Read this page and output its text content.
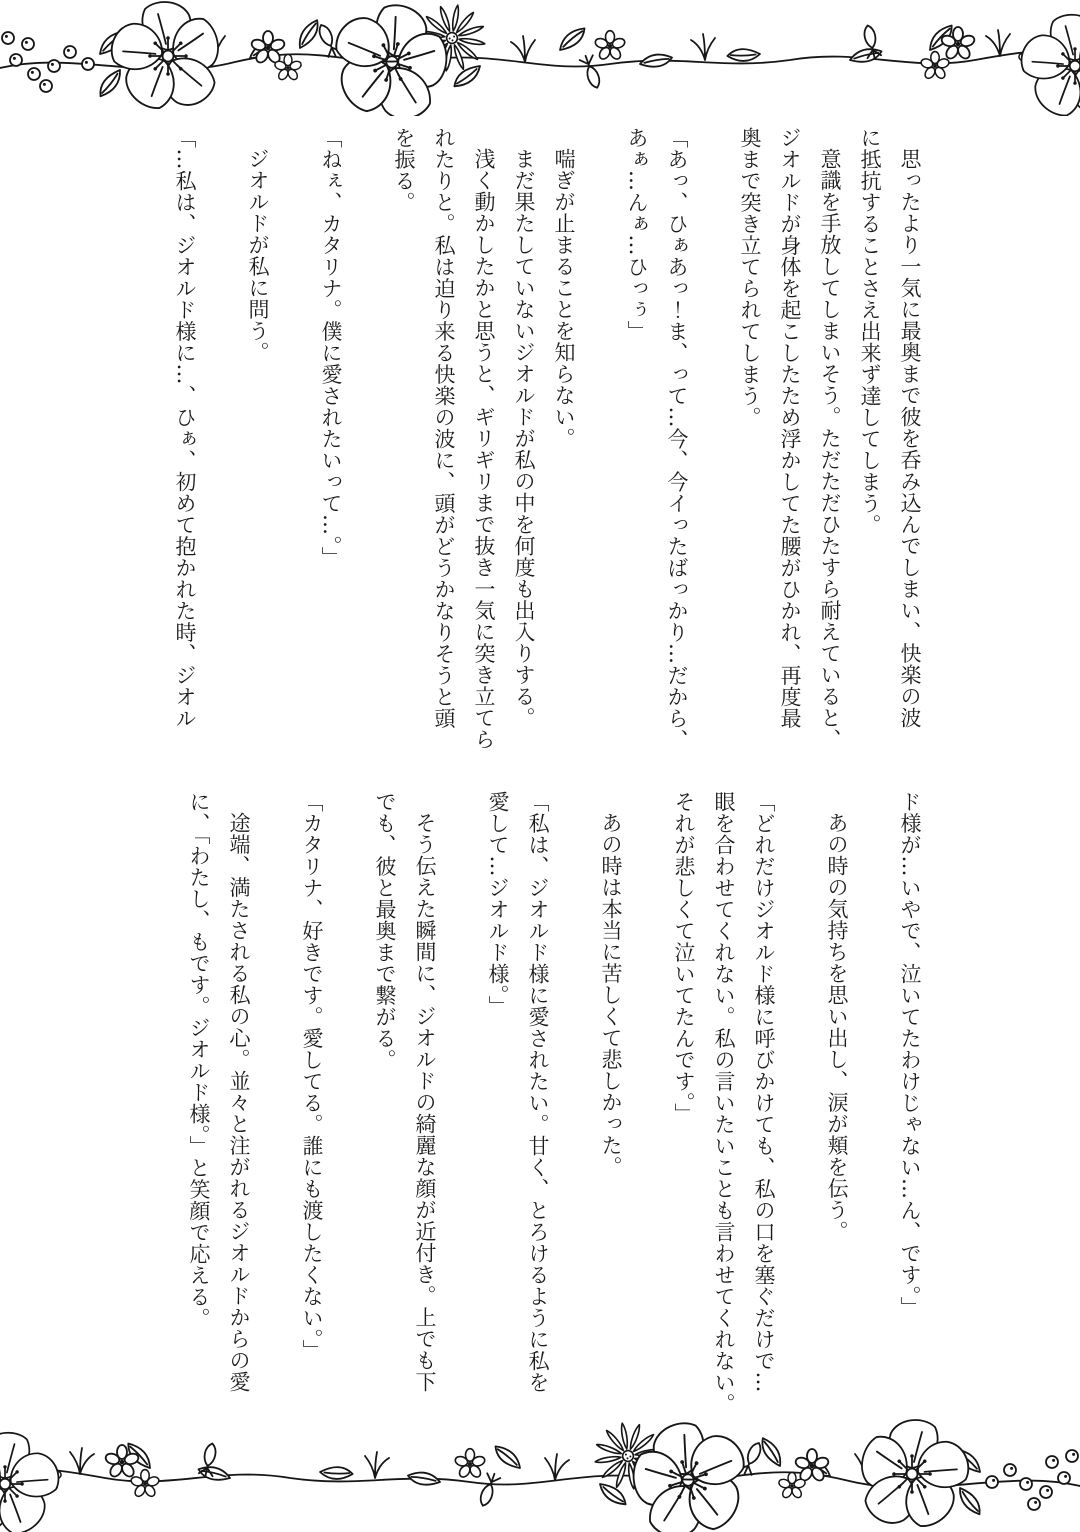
思ったより一気に最奥まで彼を呑み込んでしまい、快楽の波
に抵抗することさえ出来ず達してしまう。
意識を手放してしまいそう。ただただひたすら耐えていると、
ジオルドが身体を起こしたため浮かしてた腰がひかれ、再度最
奥まで突き立てられてしまう。
「あっ、ひぁあっ！ま、って…今、今イったばっかり…だから、
あぁ…んぁ…ひっぅ」
喘ぎが止まることを知らない。
まだ果たしていないジオルドが私の中を何度も出入りする。
浅く動かしたかと思うと、ギリギリまで抜き一気に突き立てら
れたりと。私は迫り来る快楽の波に、頭がどうかなりそうと頭
を振る。
「ねぇ、カタリナ。僕に愛されたいって…。」
ジオルドが私に問う。
「…私は、ジオルド様に…、ひぁ、初めて抱かれた時、ジオル
ド様が…いやで、泣いてたわけじゃない…ん、です。」
あの時の気持ちを思い出し、涙が頬を伝う。
「どれだけジオルド様に呼びかけても、私の口を塞ぐだけで…
眼を合わせてくれない。私の言いたいことも言わせてくれない。
それが悲しくて泣いてたんです。」
あの時は本当に苦しくて悲しかった。
「私は、ジオルド様に愛されたい。甘く、とろけるように私を
愛して…ジオルド様。」
そう伝えた瞬間に、ジオルドの綺麗な顔が近付き。上でも下
でも、彼と最奥まで繋がる。
「カタリナ、好きです。愛してる。誰にも渡したくない。」
途端、満たされる私の心。並々と注がれるジオルドからの愛
に、「わたし、もです。ジオルド様。」と笑顔で応える。
